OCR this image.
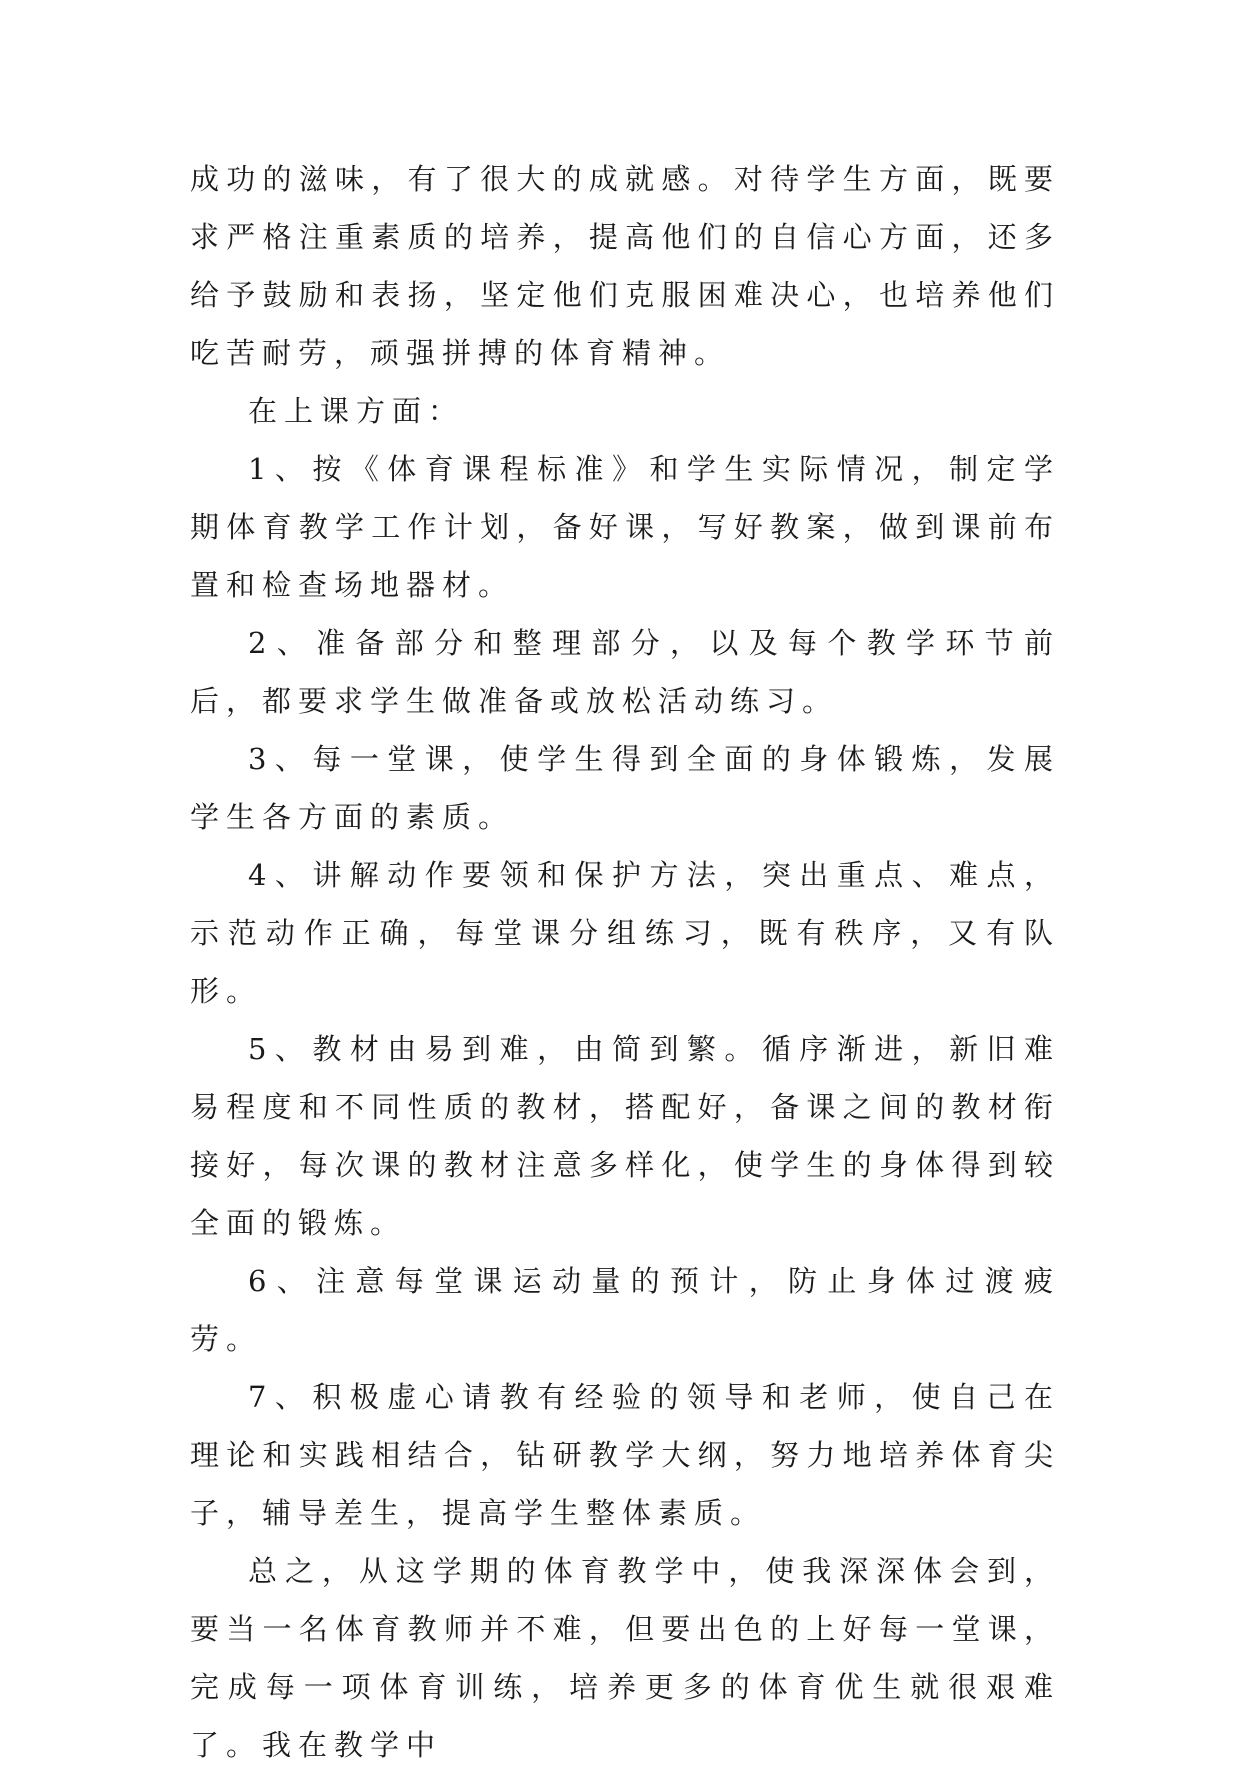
成功的滋味，有了很大的成就感。对待学生方面，既要求严格注重素质的培养，提高他们的自信心方面，还多给予鼓励和表扬，坚定他们克服困难决心，也培养他们吃苦耐劳，顽强拼搏的体育精神。

在上课方面：

1、按《体育课程标准》和学生实际情况，制定学期体育教学工作计划，备好课，写好教案，做到课前布置和检查场地器材。

2、准备部分和整理部分，以及每个教学环节前后，都要求学生做准备或放松活动练习。

3、每一堂课，使学生得到全面的身体锻炼，发展学生各方面的素质。

4、讲解动作要领和保护方法，突出重点、难点，示范动作正确，每堂课分组练习，既有秩序，又有队形。

5、教材由易到难，由简到繁。循序渐进，新旧难易程度和不同性质的教材，搭配好，备课之间的教材衔接好，每次课的教材注意多样化，使学生的身体得到较全面的锻炼。

6、注意每堂课运动量的预计，防止身体过渡疲劳。

7、积极虚心请教有经验的领导和老师，使自己在理论和实践相结合，钻研教学大纲，努力地培养体育尖子，辅导差生，提高学生整体素质。

总之，从这学期的体育教学中，使我深深体会到，要当一名体育教师并不难，但要出色的上好每一堂课，完成每一项体育训练，培养更多的体育优生就很艰难了。我在教学中
